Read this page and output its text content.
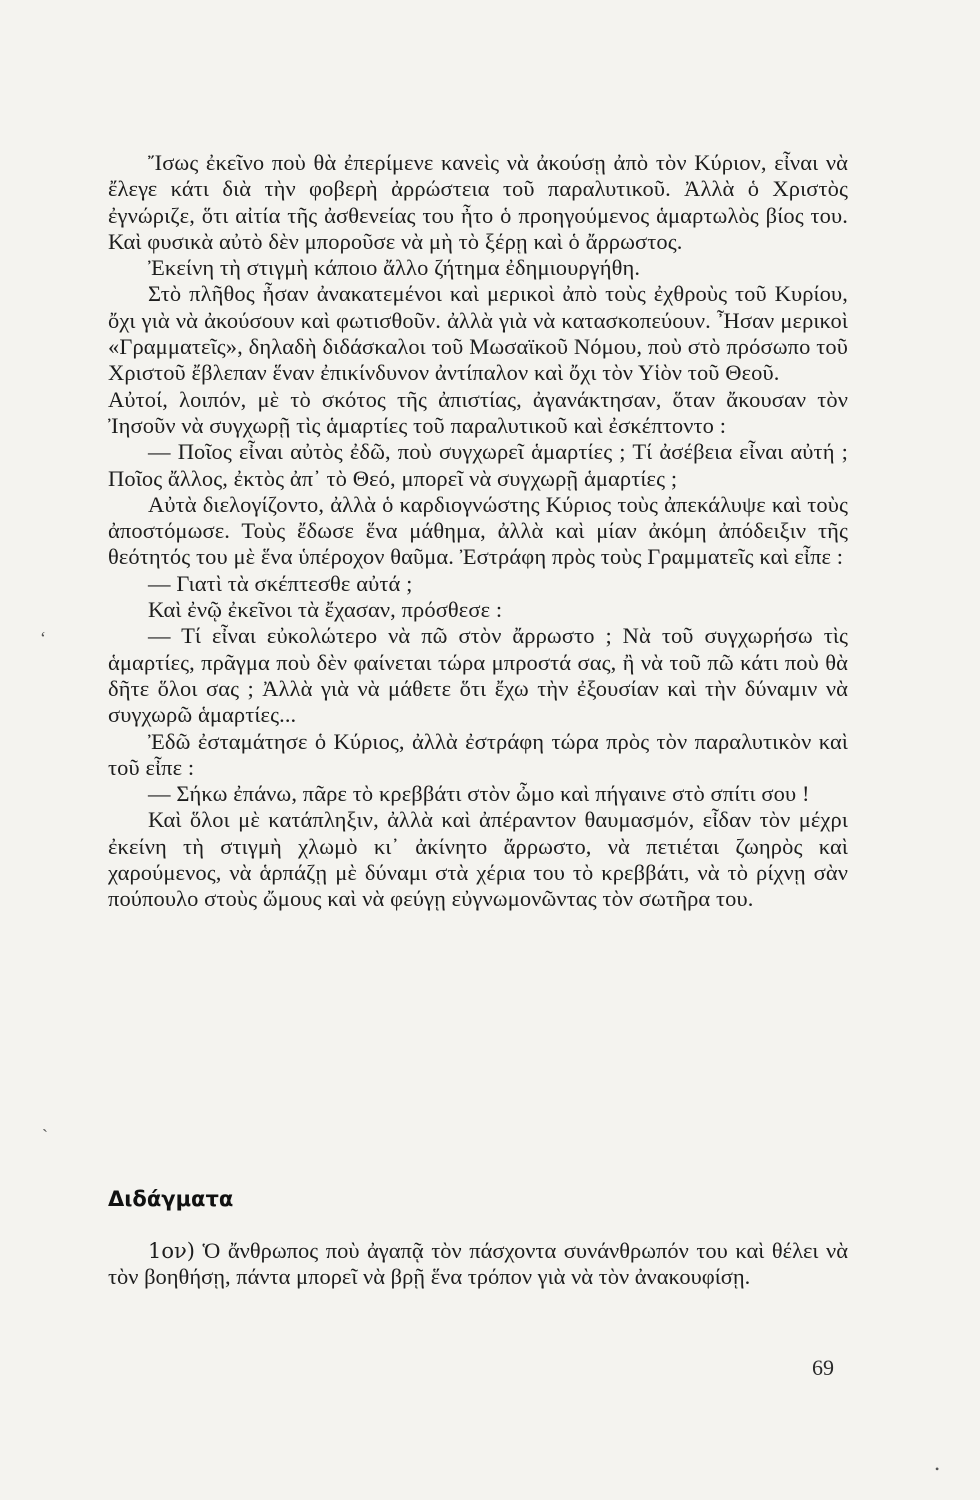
Ἴσως ἐκεῖνο ποὺ θὰ ἐπερίμενε κανεὶς νὰ ἀκούσῃ ἀπὸ τὸν Κύριον, εἶναι νὰ ἔλεγε κάτι διὰ τὴν φοβερὴ ἀρρώστεια τοῦ παραλυτικοῦ. Ἀλλὰ ὁ Χριστὸς ἐγνώριζε, ὅτι αἰτία τῆς ἀσθενείας του ἦτο ὁ προηγούμενος ἁμαρτωλὸς βίος του. Καὶ φυσικὰ αὐτὸ δὲν μποροῦσε νὰ μὴ τὸ ξέρῃ καὶ ὁ ἄρρωστος.

Ἐκείνη τὴ στιγμὴ κάποιο ἄλλο ζήτημα ἐδημιουργήθη.

Στὸ πλῆθος ἦσαν ἀνακατεμένοι καὶ μερικοὶ ἀπὸ τοὺς ἐχθροὺς τοῦ Κυρίου, ὄχι γιὰ νὰ ἀκούσουν καὶ φωτισθοῦν. ἀλλὰ γιὰ νὰ κατασκοπεύουν. Ἦσαν μερικοὶ «Γραμματεῖς», δηλαδὴ διδάσκαλοι τοῦ Μωσαϊκοῦ Νόμου, ποὺ στὸ πρόσωπο τοῦ Χριστοῦ ἔβλεπαν ἕναν ἐπικίνδυνον ἀντίπαλον καὶ ὄχι τὸν Υἱὸν τοῦ Θεοῦ.

Αὐτοί, λοιπόν, μὲ τὸ σκότος τῆς ἀπιστίας, ἀγανάκτησαν, ὅταν ἄκουσαν τὸν Ἰησοῦν νὰ συγχωρῇ τὶς ἁμαρτίες τοῦ παραλυτικοῦ καὶ ἐσκέπτοντο :

— Ποῖος εἶναι αὐτὸς ἐδῶ, ποὺ συγχωρεῖ ἁμαρτίες ; Τί ἀσέβεια εἶναι αὐτή ; Ποῖος ἄλλος, ἐκτὸς ἀπ᾿ τὸ Θεό, μπορεῖ νὰ συγχωρῇ ἁμαρτίες ;

Αὐτὰ διελογίζοντο, ἀλλὰ ὁ καρδιογνώστης Κύριος τοὺς ἀπεκάλυψε καὶ τοὺς ἀποστόμωσε. Τοὺς ἔδωσε ἕνα μάθημα, ἀλλὰ καὶ μίαν ἀκόμη ἀπόδειξιν τῆς θεότητός του μὲ ἕνα ὑπέροχον θαῦμα. Ἐστράφη πρὸς τοὺς Γραμματεῖς καὶ εἶπε :

— Γιατὶ τὰ σκέπτεσθε αὐτά ;

Καὶ ἐνῷ ἐκεῖνοι τὰ ἔχασαν, πρόσθεσε :

— Τί εἶναι εὐκολώτερο νὰ πῶ στὸν ἄρρωστο ; Νὰ τοῦ συγχωρήσω τὶς ἁμαρτίες, πρᾶγμα ποὺ δὲν φαίνεται τώρα μπροστά σας, ἢ νὰ τοῦ πῶ κάτι ποὺ θὰ δῆτε ὅλοι σας ; Ἀλλὰ γιὰ νὰ μάθετε ὅτι ἔχω τὴν ἐξουσίαν καὶ τὴν δύναμιν νὰ συγχωρῶ ἁμαρτίες...

Ἐδῶ ἐσταμάτησε ὁ Κύριος, ἀλλὰ ἐστράφη τώρα πρὸς τὸν παραλυτικὸν καὶ τοῦ εἶπε :

— Σήκω ἐπάνω, πᾶρε τὸ κρεββάτι στὸν ὦμο καὶ πήγαινε στὸ σπίτι σου !

Καὶ ὅλοι μὲ κατάπληξιν, ἀλλὰ καὶ ἀπέραντον θαυμασμόν, εἶδαν τὸν μέχρι ἐκείνη τὴ στιγμὴ χλωμὸ κι᾿ ἀκίνητο ἄρρωστο, νὰ πετιέται ζωηρὸς καὶ χαρούμενος, νὰ ἁρπάζῃ μὲ δύναμι στὰ χέρια του τὸ κρεββάτι, νὰ τὸ ρίχνῃ σὰν πούπουλο στοὺς ὤμους καὶ νὰ φεύγῃ εὐγνωμονῶντας τὸν σωτῆρα του.

Διδάγματα
1ον) Ὁ ἄνθρωπος ποὺ ἀγαπᾷ τὸν πάσχοντα συνάνθρωπόν του καὶ θέλει νὰ τὸν βοηθήσῃ, πάντα μπορεῖ νὰ βρῇ ἕνα τρόπον γιὰ νὰ τὸν ἀνακουφίσῃ.
69
‘
ˏ
•
